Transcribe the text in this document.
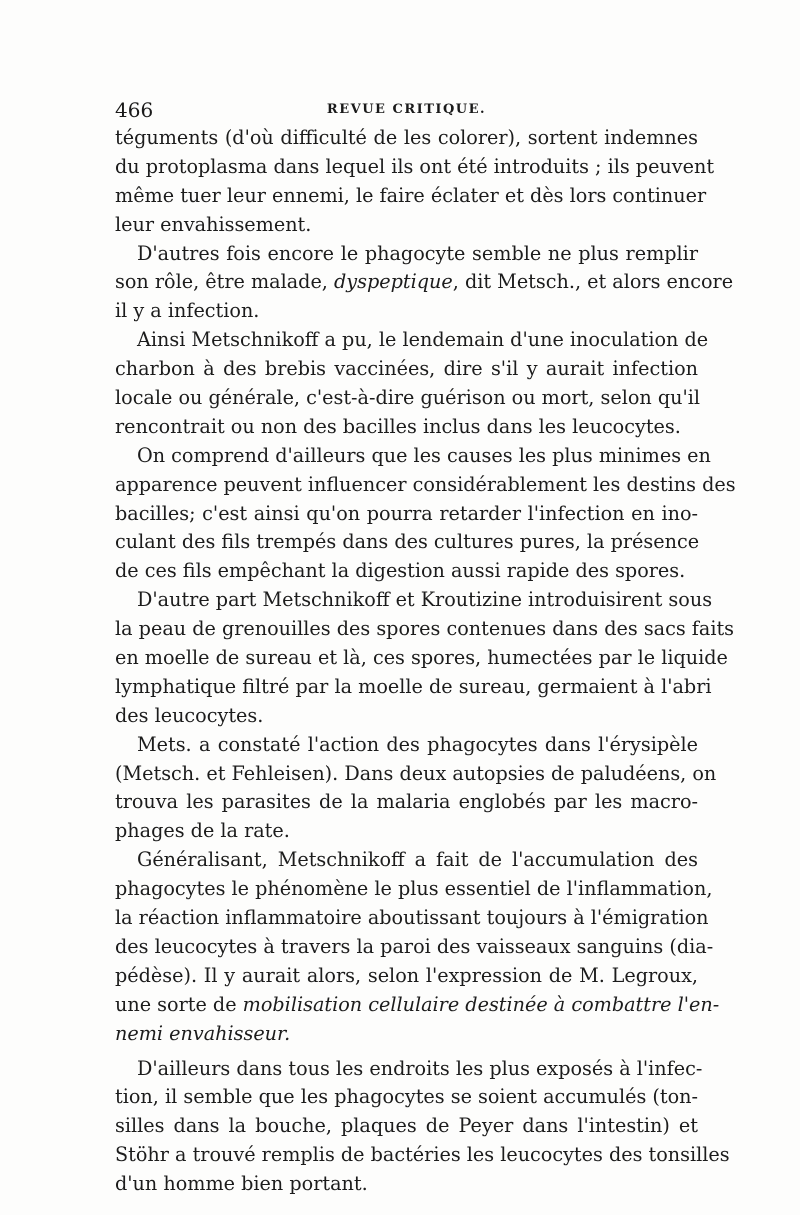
466	REVUE CRITIQUE.
téguments (d'où difficulté de les colorer), sortent indemnes
du protoplasma dans lequel ils ont été introduits ; ils peuvent
même tuer leur ennemi, le faire éclater et dès lors continuer
leur envahissement.
D'autres fois encore le phagocyte semble ne plus remplir
son rôle, être malade, dyspeptique, dit Metsch., et alors encore
il y a infection.
Ainsi Metschnikoff a pu, le lendemain d'une inoculation de
charbon à des brebis vaccinées, dire s'il y aurait infection
locale ou générale, c'est-à-dire guérison ou mort, selon qu'il
rencontrait ou non des bacilles inclus dans les leucocytes.
On comprend d'ailleurs que les causes les plus minimes en
apparence peuvent influencer considérablement les destins des
bacilles; c'est ainsi qu'on pourra retarder l'infection en ino-
culant des fils trempés dans des cultures pures, la présence
de ces fils empêchant la digestion aussi rapide des spores.
D'autre part Metschnikoff et Kroutizine introduisirent sous
la peau de grenouilles des spores contenues dans des sacs faits
en moelle de sureau et là, ces spores, humectées par le liquide
lymphatique filtré par la moelle de sureau, germaient à l'abri
des leucocytes.
Mets. a constaté l'action des phagocytes dans l'érysipèle
(Metsch. et Fehleisen). Dans deux autopsies de paludéens, on
trouva les parasites de la malaria englobés par les macro-
phages de la rate.
Généralisant, Metschnikoff a fait de l'accumulation des
phagocytes le phénomène le plus essentiel de l'inflammation,
la réaction inflammatoire aboutissant toujours à l'émigration
des leucocytes à travers la paroi des vaisseaux sanguins (dia-
pédèse). Il y aurait alors, selon l'expression de M. Legroux,
une sorte de mobilisation cellulaire destinée à combattre l'en-
nemi envahisseur.
D'ailleurs dans tous les endroits les plus exposés à l'infec-
tion, il semble que les phagocytes se soient accumulés (ton-
silles dans la bouche, plaques de Peyer dans l'intestin) et
Stöhr a trouvé remplis de bactéries les leucocytes des tonsilles
d'un homme bien portant.
